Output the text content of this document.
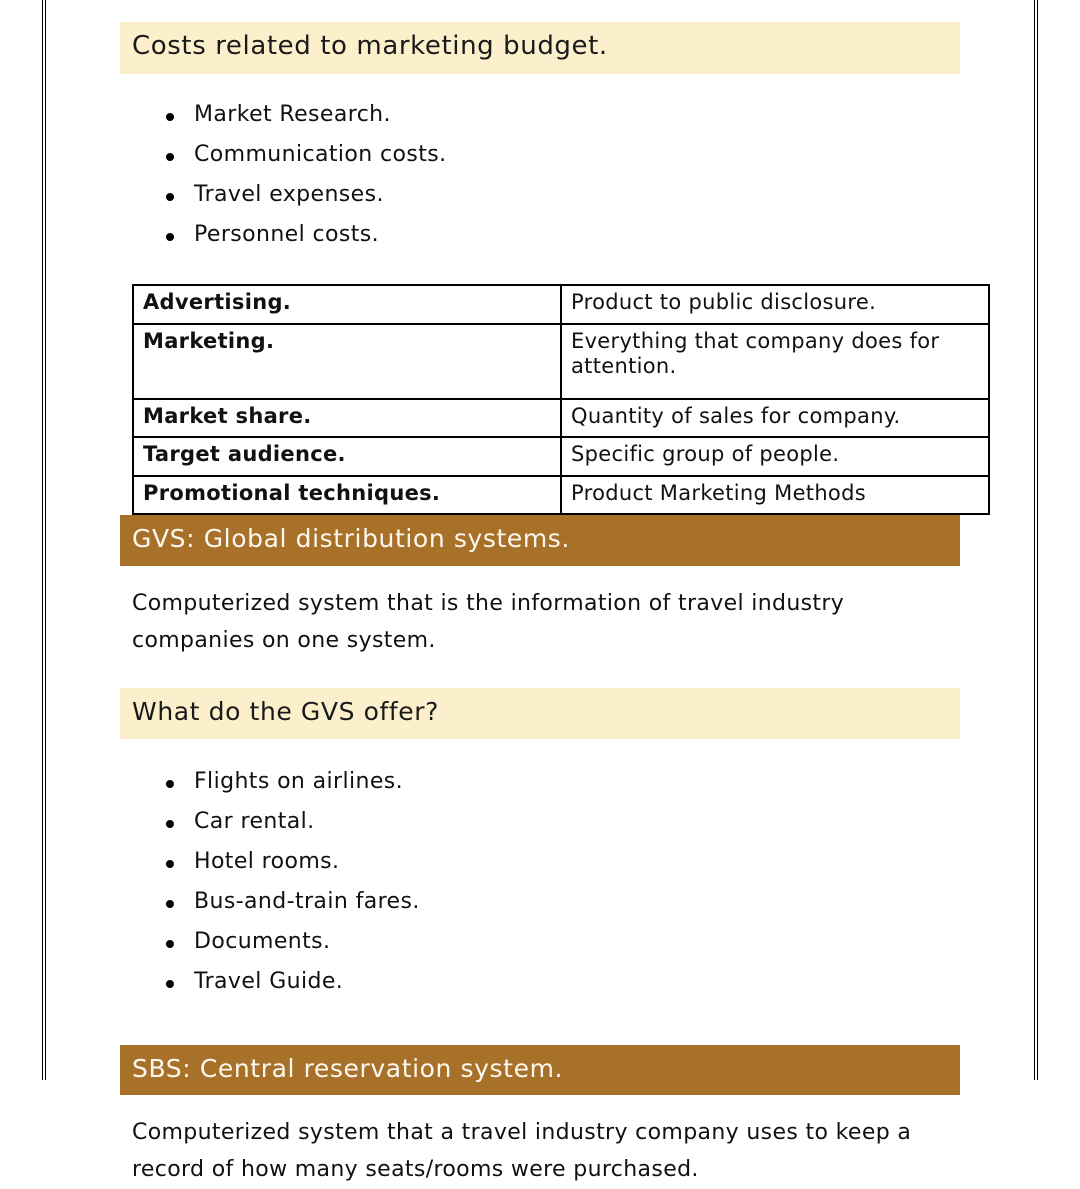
Costs related to marketing budget.
Market Research.
Communication costs.
Travel expenses.
Personnel costs.
Advertising.	Product to public disclosure.
Marketing.	Everything that company does for attention.
Market share.	Quantity of sales for company.
Target audience.	Specific group of people.
Promotional techniques.	Product Marketing Methods
GVS: Global distribution systems.

Computerized system that is the information of travel industry companies on one system.

What do the GVS offer?
Flights on airlines.
Car rental.
Hotel rooms.
Bus-and-train fares.
Documents.
Travel Guide.
SBS: Central reservation system.

Computerized system that a travel industry company uses to keep a record of how many seats/rooms were purchased.
